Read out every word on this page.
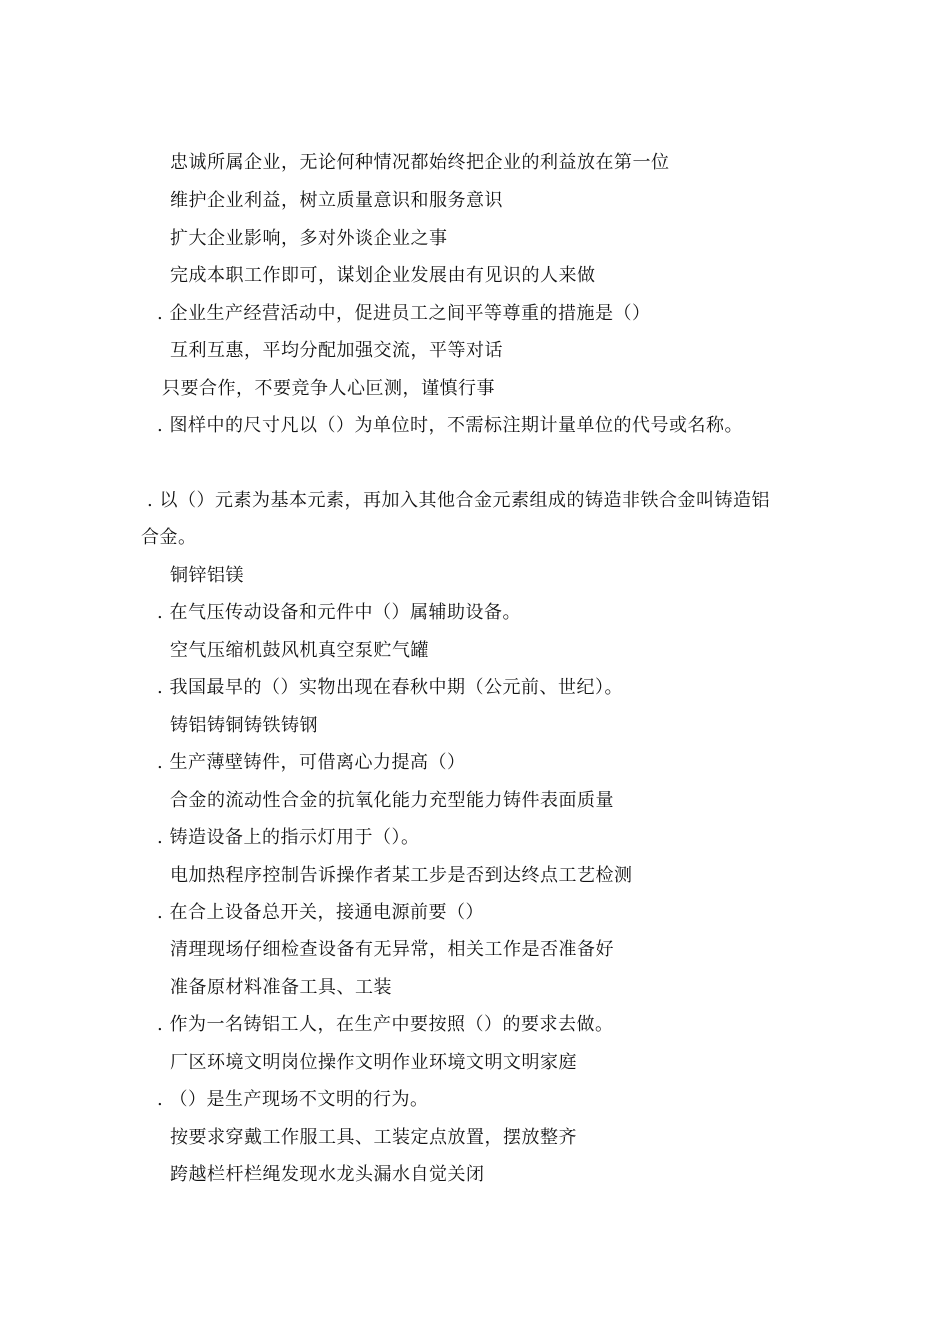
忠诚所属企业，无论何种情况都始终把企业的利益放在第一位
维护企业利益，树立质量意识和服务意识
扩大企业影响，多对外谈企业之事
完成本职工作即可，谋划企业发展由有见识的人来做
. 企业生产经营活动中，促进员工之间平等尊重的措施是（）
互利互惠，平均分配加强交流，平等对话
只要合作，不要竞争人心叵测，谨慎行事
. 图样中的尺寸凡以（）为单位时，不需标注期计量单位的代号或名称。
. 以（）元素为基本元素，再加入其他合金元素组成的铸造非铁合金叫铸造铝
合金。
铜锌铝镁
. 在气压传动设备和元件中（）属辅助设备。
空气压缩机鼓风机真空泵贮气罐
. 我国最早的（）实物出现在春秋中期（公元前、世纪）。
铸铝铸铜铸铁铸钢
. 生产薄壁铸件，可借离心力提高（）
合金的流动性合金的抗氧化能力充型能力铸件表面质量
. 铸造设备上的指示灯用于（）。
电加热程序控制告诉操作者某工步是否到达终点工艺检测
. 在合上设备总开关，接通电源前要（）
清理现场仔细检查设备有无异常，相关工作是否准备好
准备原材料准备工具、工装
. 作为一名铸铝工人，在生产中要按照（）的要求去做。
厂区环境文明岗位操作文明作业环境文明文明家庭
. （）是生产现场不文明的行为。
按要求穿戴工作服工具、工装定点放置，摆放整齐
跨越栏杆栏绳发现水龙头漏水自觉关闭
